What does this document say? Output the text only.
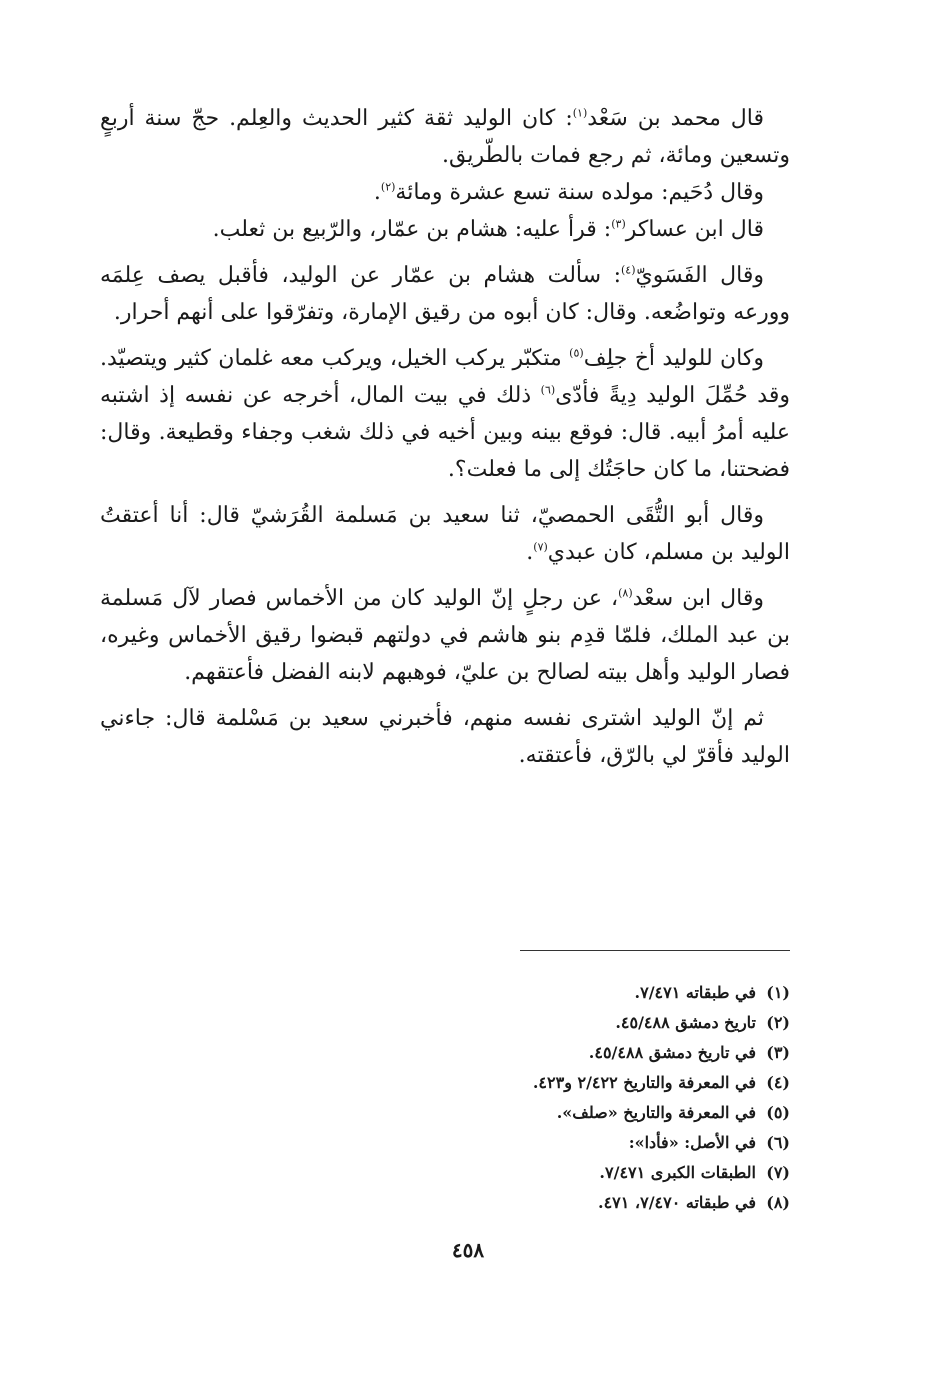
قال محمد بن سَعْد$^{(١)}$: كان الوليد ثقة كثير الحديث والعِلم. حجّ سنة أربعٍ وتسعين ومائة، ثم رجع فمات بالطّريق.

وقال دُحَيم: مولده سنة تسع عشرة ومائة$^{(٢)}$.

قال ابن عساكر$^{(٣)}$: قرأ عليه: هشام بن عمّار، والرّبيع بن ثعلب.

وقال الفَسَويّ$^{(٤)}$: سألت هشام بن عمّار عن الوليد، فأقبل يصف عِلمَه وورعه وتواضُعه. وقال: كان أبوه من رقيق الإمارة، وتفرّقوا على أنهم أحرار.

وكان للوليد أخ جلِف$^{(٥)}$ متكبّر يركب الخيل، ويركب معه غلمان كثير ويتصيّد. وقد حُمِّلَ الوليد دِيةً فأدّى$^{(٦)}$ ذلك في بيت المال، أخرجه عن نفسه إذ اشتبه عليه أمرُ أبيه. قال: فوقع بينه وبين أخيه في ذلك شغب وجفاء وقطيعة. وقال: فضحتنا، ما كان حاجَتُك إلى ما فعلت؟.

وقال أبو التُّقَى الحمصيّ، ثنا سعيد بن مَسلمة القُرَشيّ قال: أنا أعتقتُ الوليد بن مسلم، كان عبدي$^{(٧)}$.

وقال ابن سعْد$^{(٨)}$، عن رجلٍ إنّ الوليد كان من الأخماس فصار لآل مَسلمة بن عبد الملك، فلمّا قدِم بنو هاشم في دولتهم قبضوا رقيق الأخماس وغيره، فصار الوليد وأهل بيته لصالح بن عليّ، فوهبهم لابنه الفضل فأعتقهم.

ثم إنّ الوليد اشترى نفسه منهم، فأخبرني سعيد بن مَسْلمة قال: جاءني الوليد فأقرّ لي بالرّق، فأعتقته.

(١)في طبقاته ٧/٤٧١.

(٢)تاريخ دمشق ٤٥/٤٨٨.

(٣)في تاريخ دمشق ٤٥/٤٨٨.

(٤)في المعرفة والتاريخ ٢/٤٢٢ و٤٢٣.

(٥)في المعرفة والتاريخ «صلف».

(٦)في الأصل: «فأدا»:

(٧)الطبقات الكبرى ٧/٤٧١.

(٨)في طبقاته ٧/٤٧٠، ٤٧١.

٤٥٨
